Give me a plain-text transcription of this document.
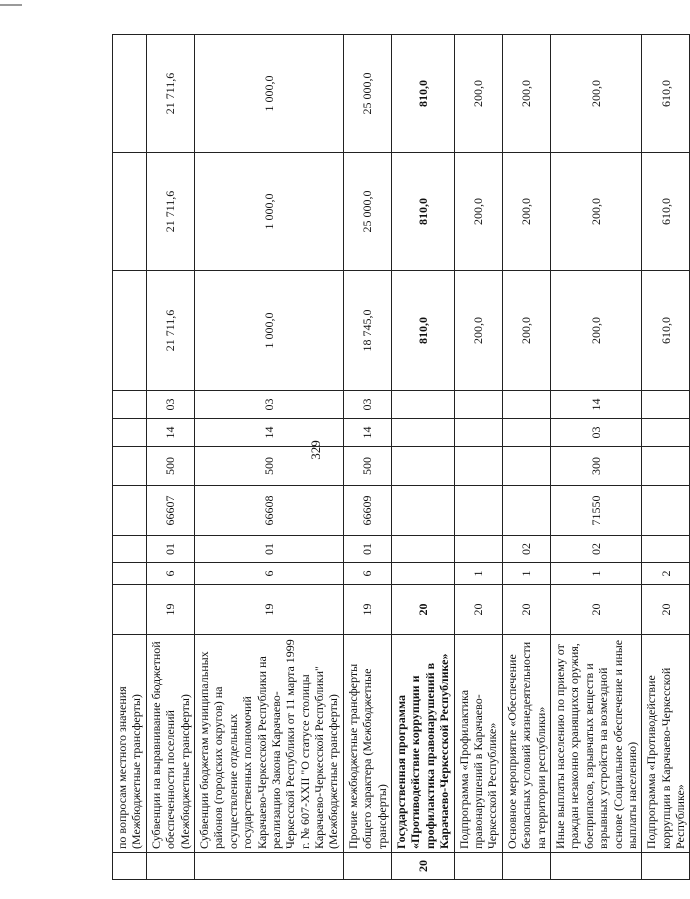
329
	по вопросам местного значения (Межбюджетные трансферты)										
	Субвенции на выравнивание бюджетной обеспеченности поселений (Межбюджетные трансферты)	19	6	01	66607	500	14	03	21 711,6	21 711,6	21 711,6
	Субвенции бюджетам муниципальных районов (городских округов) на осуществление отдельных государственных полномочий Карачаево-Черкесской Республики на реализацию Закона Карачаево-Черкесской Республики от 11 марта 1999 г. № 607-XXII "О статусе столицы Карачаево-Черкесской Республики" (Межбюджетные трансферты)	19	6	01	66608	500	14	03	1 000,0	1 000,0	1 000,0
	Прочие межбюджетные трансферты общего характера (Межбюджетные трансферты)	19	6	01	66609	500	14	03	18 745,0	25 000,0	25 000,0
20	Государственная программа «Противодействие коррупции и профилактика правонарушений в Карачаево-Черкесской Республике»	20							810,0	810,0	810,0
	Подпрограмма «Профилактика правонарушений в Карачаево-Черкесской Республике»	20	1						200,0	200,0	200,0
	Основное мероприятие «Обеспечение безопасных условий жизнедеятельности на территории республики»	20	1	02					200,0	200,0	200,0
	Иные выплаты населению по приему от граждан незаконно хранящихся оружия, боеприпасов, взрывчатых веществ и взрывных устройств на возмездной основе (Социальное обеспечение и иные выплаты населению)	20	1	02	71550	300	03	14	200,0	200,0	200,0
	Подпрограмма «Противодействие коррупции в Карачаево-Черкесской Республике»	20	2						610,0	610,0	610,0
